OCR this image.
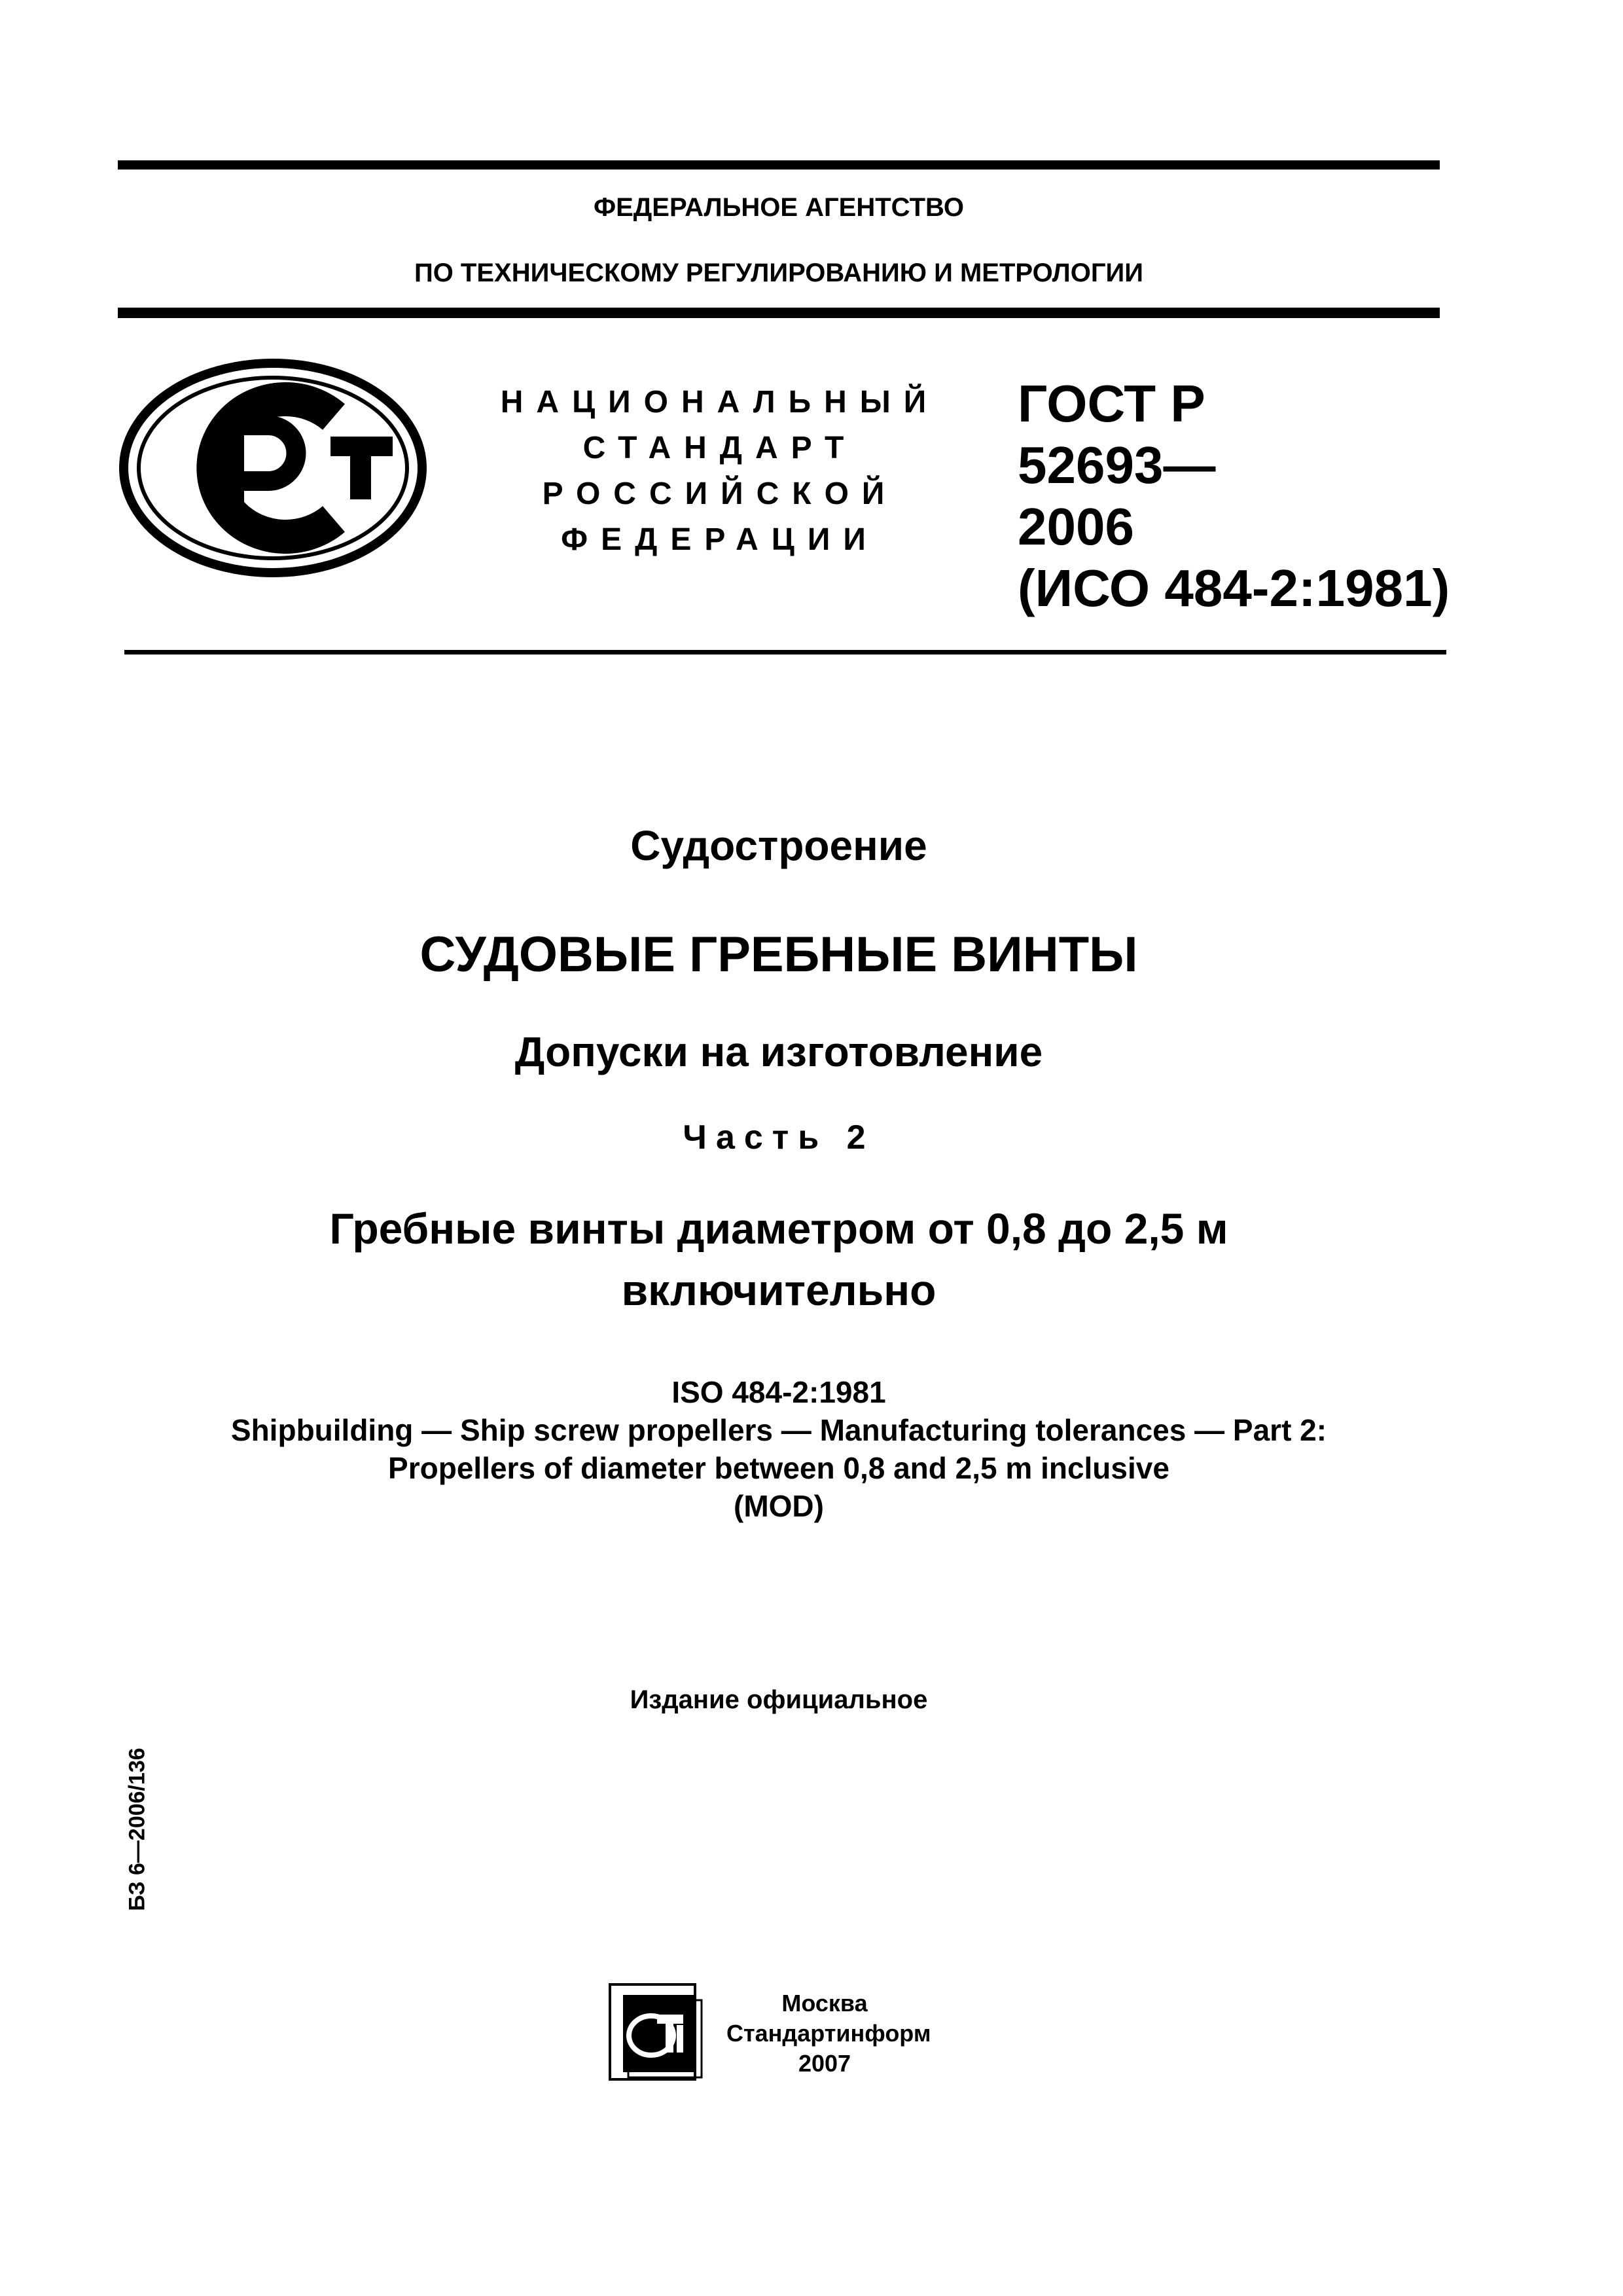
ФЕДЕРАЛЬНОЕ АГЕНТСТВО
ПО ТЕХНИЧЕСКОМУ РЕГУЛИРОВАНИЮ И МЕТРОЛОГИИ
НАЦИОНАЛЬНЫЙ
СТАНДАРТ
РОССИЙСКОЙ
ФЕДЕРАЦИИ
ГОСТ Р
52693—
2006
(ИСО 484-2:1981)
Судостроение
СУДОВЫЕ ГРЕБНЫЕ ВИНТЫ
Допуски на изготовление
Часть 2
Гребные винты диаметром от 0,8 до 2,5 м
включительно
ISO 484-2:1981
Shipbuilding — Ship screw propellers — Manufacturing tolerances — Part 2:
Propellers of diameter between 0,8 and 2,5 m inclusive
(MOD)
Издание официальное
БЗ 6—2006/136
Москва
Стандартинформ
2007
